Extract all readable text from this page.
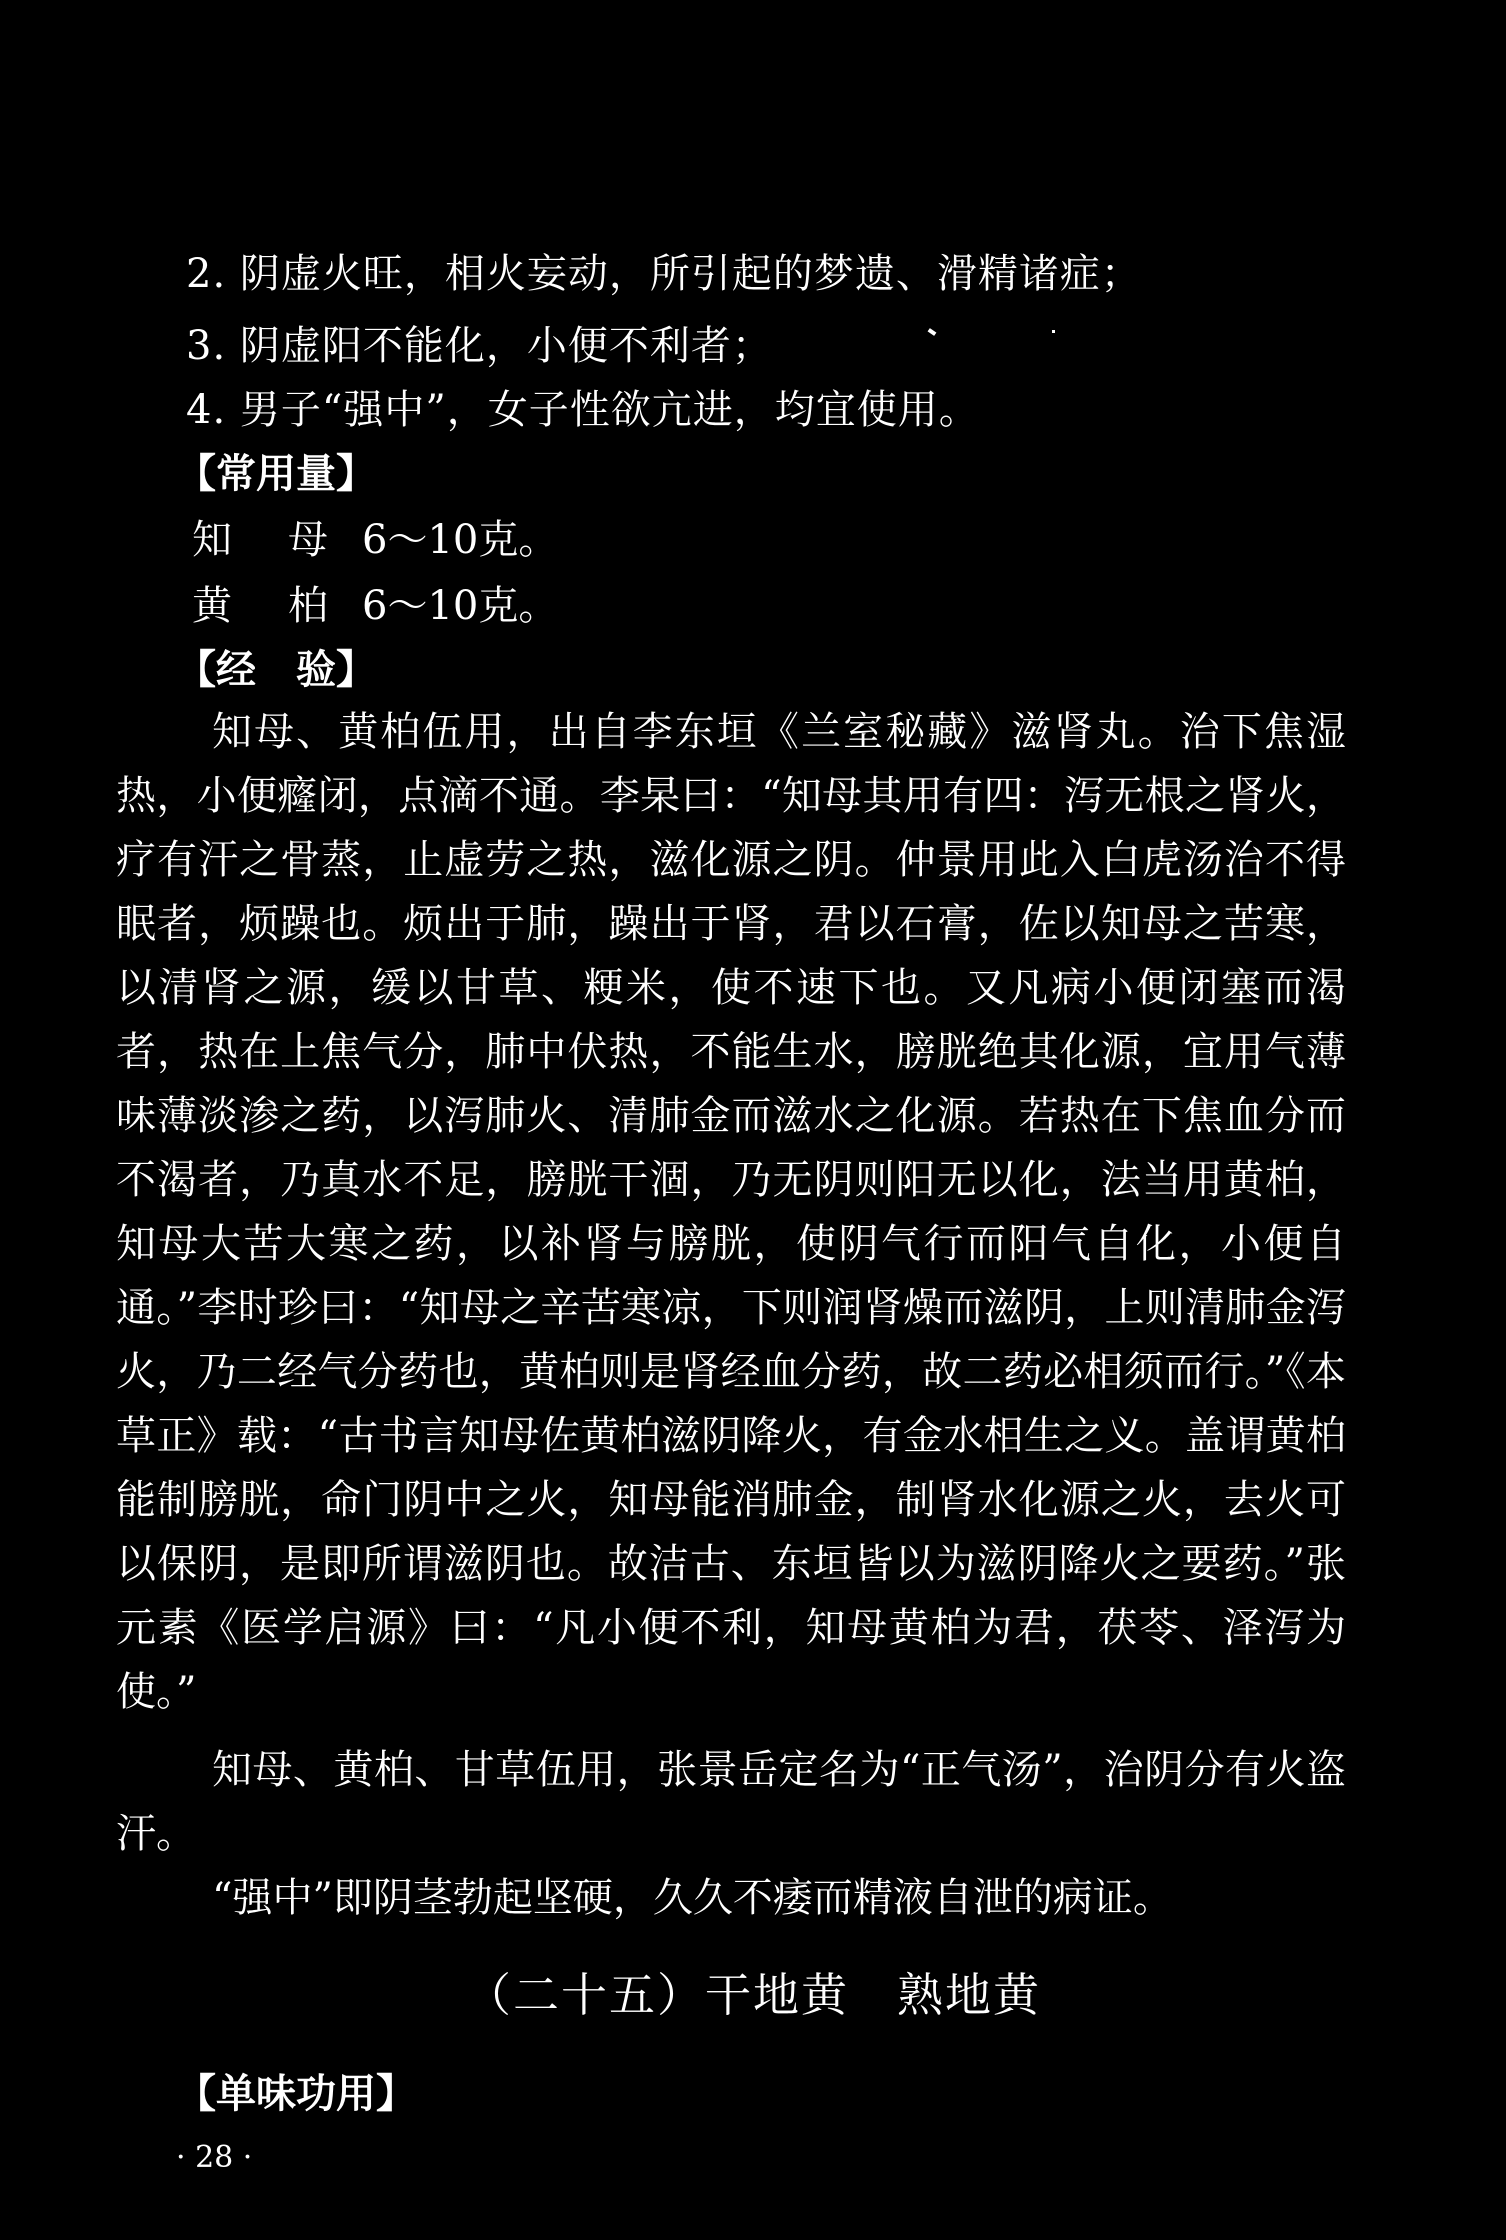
2. 阴虚火旺，相火妄动，所引起的梦遗、滑精诸症；
3. 阴虚阳不能化，小便不利者；
4. 男子“强中”，女子性欲亢进，均宜使用。
【常用量】
知母6～10克。
黄柏6～10克。
【经　验】
知母、黄柏伍用，出自李东垣《兰室秘藏》滋肾丸。治下焦湿热，小便癃闭，点滴不通。李杲曰：“知母其用有四：泻无根之肾火，疗有汗之骨蒸，止虚劳之热，滋化源之阴。仲景用此入白虎汤治不得眠者，烦躁也。烦出于肺，躁出于肾，君以石膏，佐以知母之苦寒，以清肾之源，缓以甘草、粳米，使不速下也。又凡病小便闭塞而渴者，热在上焦气分，肺中伏热，不能生水，膀胱绝其化源，宜用气薄味薄淡渗之药，以泻肺火、清肺金而滋水之化源。若热在下焦血分而不渴者，乃真水不足，膀胱干涸，乃无阴则阳无以化，法当用黄柏，知母大苦大寒之药，以补肾与膀胱，使阴气行而阳气自化，小便自通。”李时珍曰：“知母之辛苦寒凉，下则润肾燥而滋阴，上则清肺金泻火，乃二经气分药也，黄柏则是肾经血分药，故二药必相须而行。”《本草正》载：“古书言知母佐黄柏滋阴降火，有金水相生之义。盖谓黄柏能制膀胱，命门阴中之火，知母能消肺金，制肾水化源之火，去火可以保阴，是即所谓滋阴也。故洁古、东垣皆以为滋阴降火之要药。”张元素《医学启源》曰：“凡小便不利，知母黄柏为君，茯苓、泽泻为使。”
知母、黄柏、甘草伍用，张景岳定名为“正气汤”，治阴分有火盗汗。
“强中”即阴茎勃起坚硬，久久不痿而精液自泄的病证。
（二十五）干地黄　熟地黄
【单味功用】
· 28 ·
